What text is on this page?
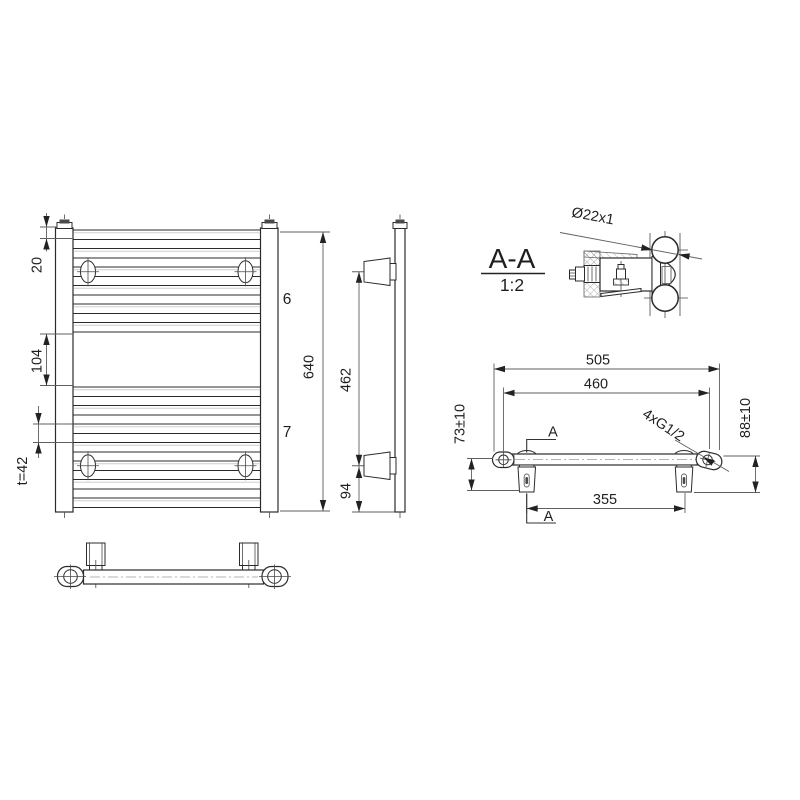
20
104
t=42
640
6
7
462
94
A-A
1:2
Ø22x1
505
460
355
73±10	88±10
4xG1/2
A
A
